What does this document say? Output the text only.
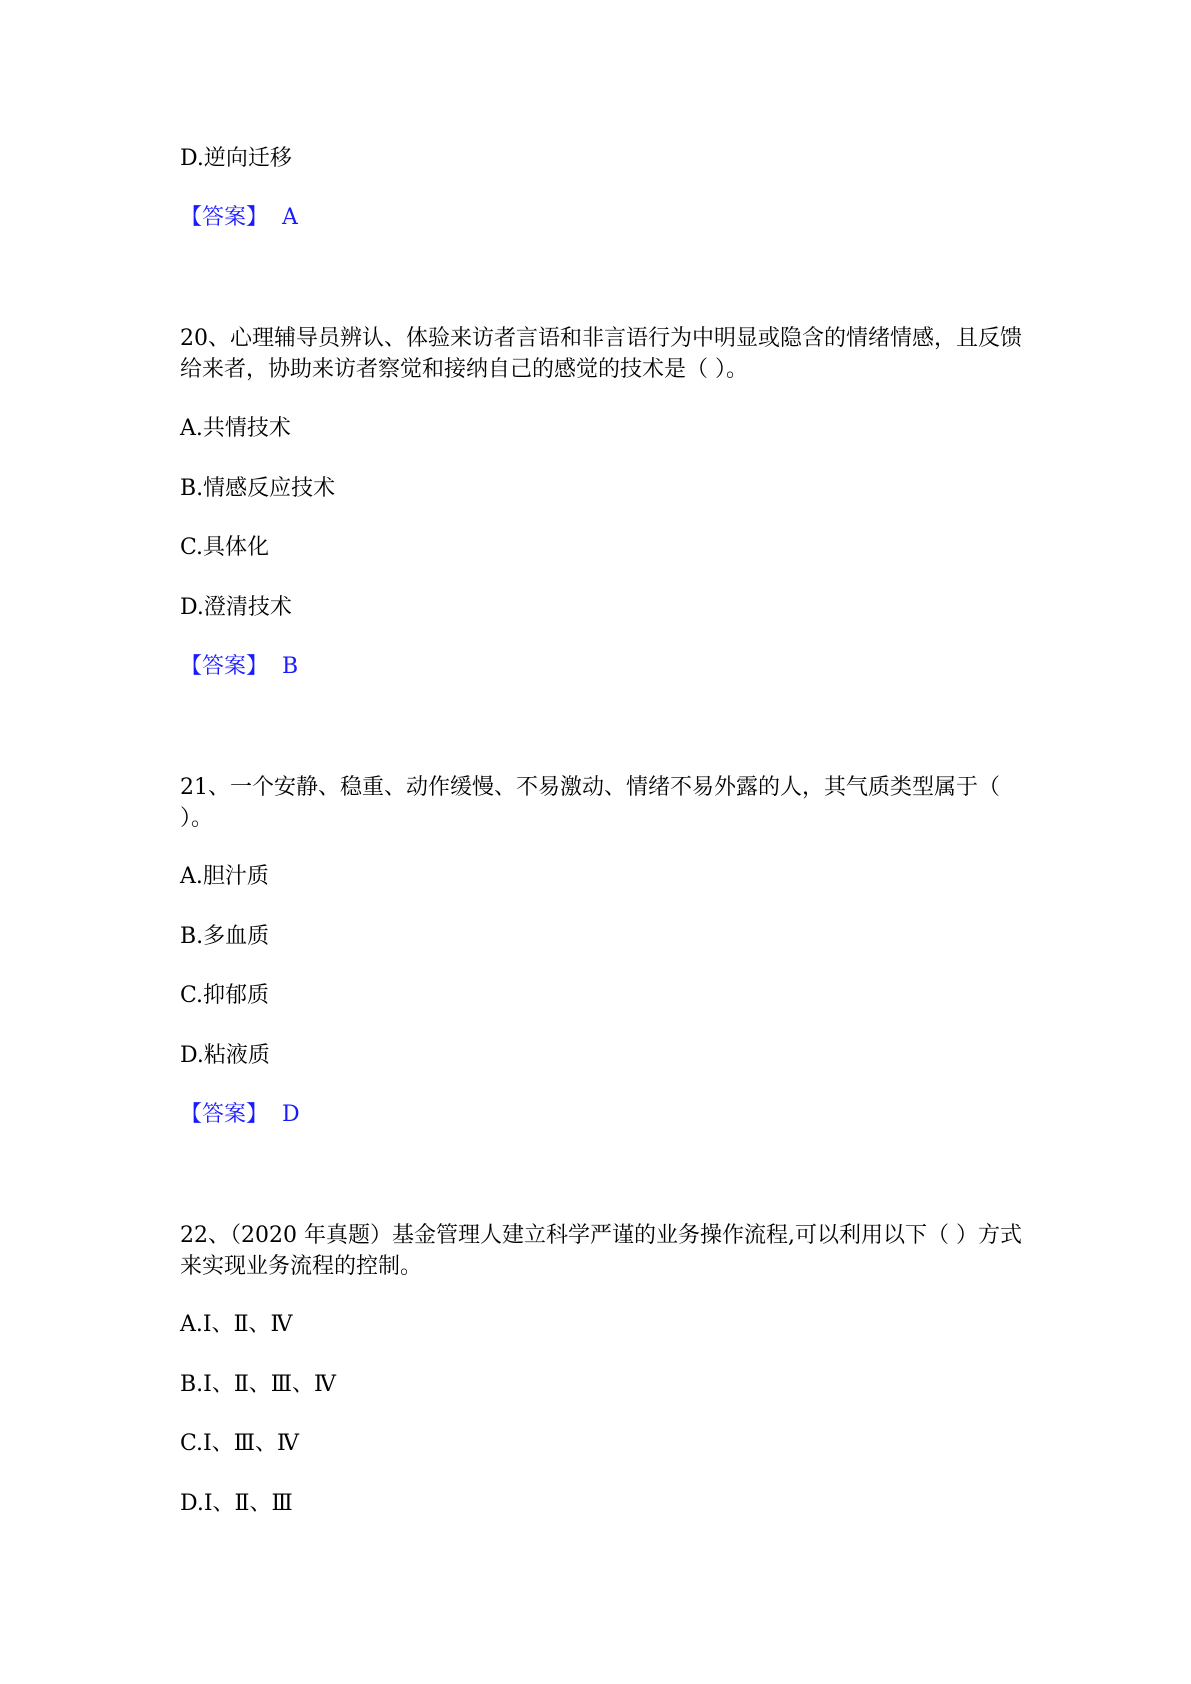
D.逆向迁移
【答案】 A
20、心理辅导员辨认、体验来访者言语和非言语行为中明显或隐含的情绪情感，且反馈给来者，协助来访者察觉和接纳自己的感觉的技术是（ ）。
A.共情技术
B.情感反应技术
C.具体化
D.澄清技术
【答案】 B
21、一个安静、稳重、动作缓慢、不易激动、情绪不易外露的人，其气质类型属于（ ）。
A.胆汁质
B.多血质
C.抑郁质
D.粘液质
【答案】 D
22、（2020 年真题）基金管理人建立科学严谨的业务操作流程,可以利用以下（ ）方式来实现业务流程的控制。
A.Ⅰ、Ⅱ、Ⅳ
B.Ⅰ、Ⅱ、Ⅲ、Ⅳ
C.Ⅰ、Ⅲ、Ⅳ
D.Ⅰ、Ⅱ、Ⅲ
